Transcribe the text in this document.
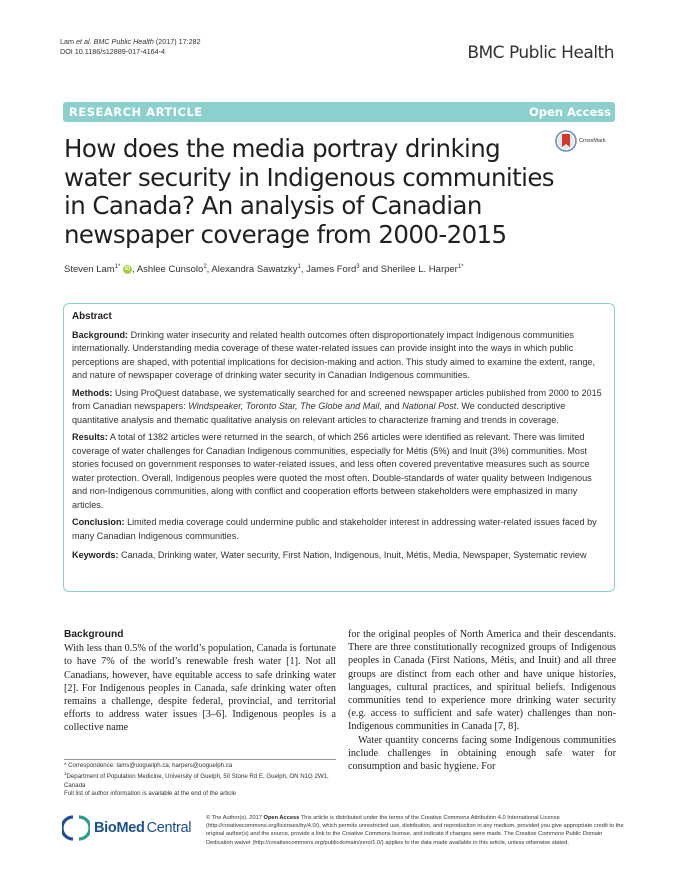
Lam et al. BMC Public Health (2017) 17:282
DOI 10.1186/s12889-017-4164-4	BMC Public Health
RESEARCH ARTICLE	Open Access
CrossMark
How does the media portray drinking
water security in Indigenous communities
in Canada? An analysis of Canadian
newspaper coverage from 2000-2015
Steven Lam$^{1*}$ iD , Ashlee Cunsolo$^2$, Alexandra Sawatzky$^1$, James Ford$^3$ and Sherilee L. Harper$^{1*}$
Abstract

Background: Drinking water insecurity and related health outcomes often disproportionately impact Indigenous communities internationally. Understanding media coverage of these water-related issues can provide insight into the ways in which public perceptions are shaped, with potential implications for decision-making and action. This study aimed to examine the extent, range, and nature of newspaper coverage of drinking water security in Canadian Indigenous communities.

Methods: Using ProQuest database, we systematically searched for and screened newspaper articles published from 2000 to 2015 from Canadian newspapers: Windspeaker, Toronto Star, The Globe and Mail, and National Post. We conducted descriptive quantitative analysis and thematic qualitative analysis on relevant articles to characterize framing and trends in coverage.

Results: A total of 1382 articles were returned in the search, of which 256 articles were identified as relevant. There was limited coverage of water challenges for Canadian Indigenous communities, especially for Métis (5%) and Inuit (3%) communities. Most stories focused on government responses to water-related issues, and less often covered preventative measures such as source water protection. Overall, Indigenous peoples were quoted the most often. Double-standards of water quality between Indigenous and non-Indigenous communities, along with conflict and cooperation efforts between stakeholders were emphasized in many articles.

Conclusion: Limited media coverage could undermine public and stakeholder interest in addressing water-related issues faced by many Canadian Indigenous communities.

Keywords: Canada, Drinking water, Water security, First Nation, Indigenous, Inuit, Métis, Media, Newspaper, Systematic review

Background

With less than 0.5% of the world’s population, Canada is fortunate to have 7% of the world’s renewable fresh water [1]. Not all Canadians, however, have equitable access to safe drinking water [2]. For Indigenous peoples in Canada, safe drinking water often remains a challenge, despite federal, provincial, and territorial efforts to address water issues [3–6]. Indigenous peoples is a collective name

for the original peoples of North America and their descendants. There are three constitutionally recognized groups of Indigenous peoples in Canada (First Nations, Métis, and Inuit) and all three groups are distinct from each other and have unique histories, languages, cultural practices, and spiritual beliefs. Indigenous communities tend to experience more drinking water security (e.g. access to sufficient and safe water) challenges than non-Indigenous communities in Canada [7, 8].

Water quantity concerns facing some Indigenous communities include challenges in obtaining enough safe water for consumption and basic hygiene. For

* Correspondence: lams@uoguelph.ca; harpers@uoguelph.ca
$^1$Department of Population Medicine, University of Guelph, 50 Stone Rd E, Guelph, ON N1G 2W1, Canada
Full list of author information is available at the end of the article
BioMed Central
© The Author(s). 2017 Open Access This article is distributed under the terms of the Creative Commons Attribution 4.0 International License (http://creativecommons.org/licenses/by/4.0/), which permits unrestricted use, distribution, and reproduction in any medium, provided you give appropriate credit to the original author(s) and the source, provide a link to the Creative Commons license, and indicate if changes were made. The Creative Commons Public Domain Dedication waiver (http://creativecommons.org/publicdomain/zero/1.0/) applies to the data made available in this article, unless otherwise stated.
